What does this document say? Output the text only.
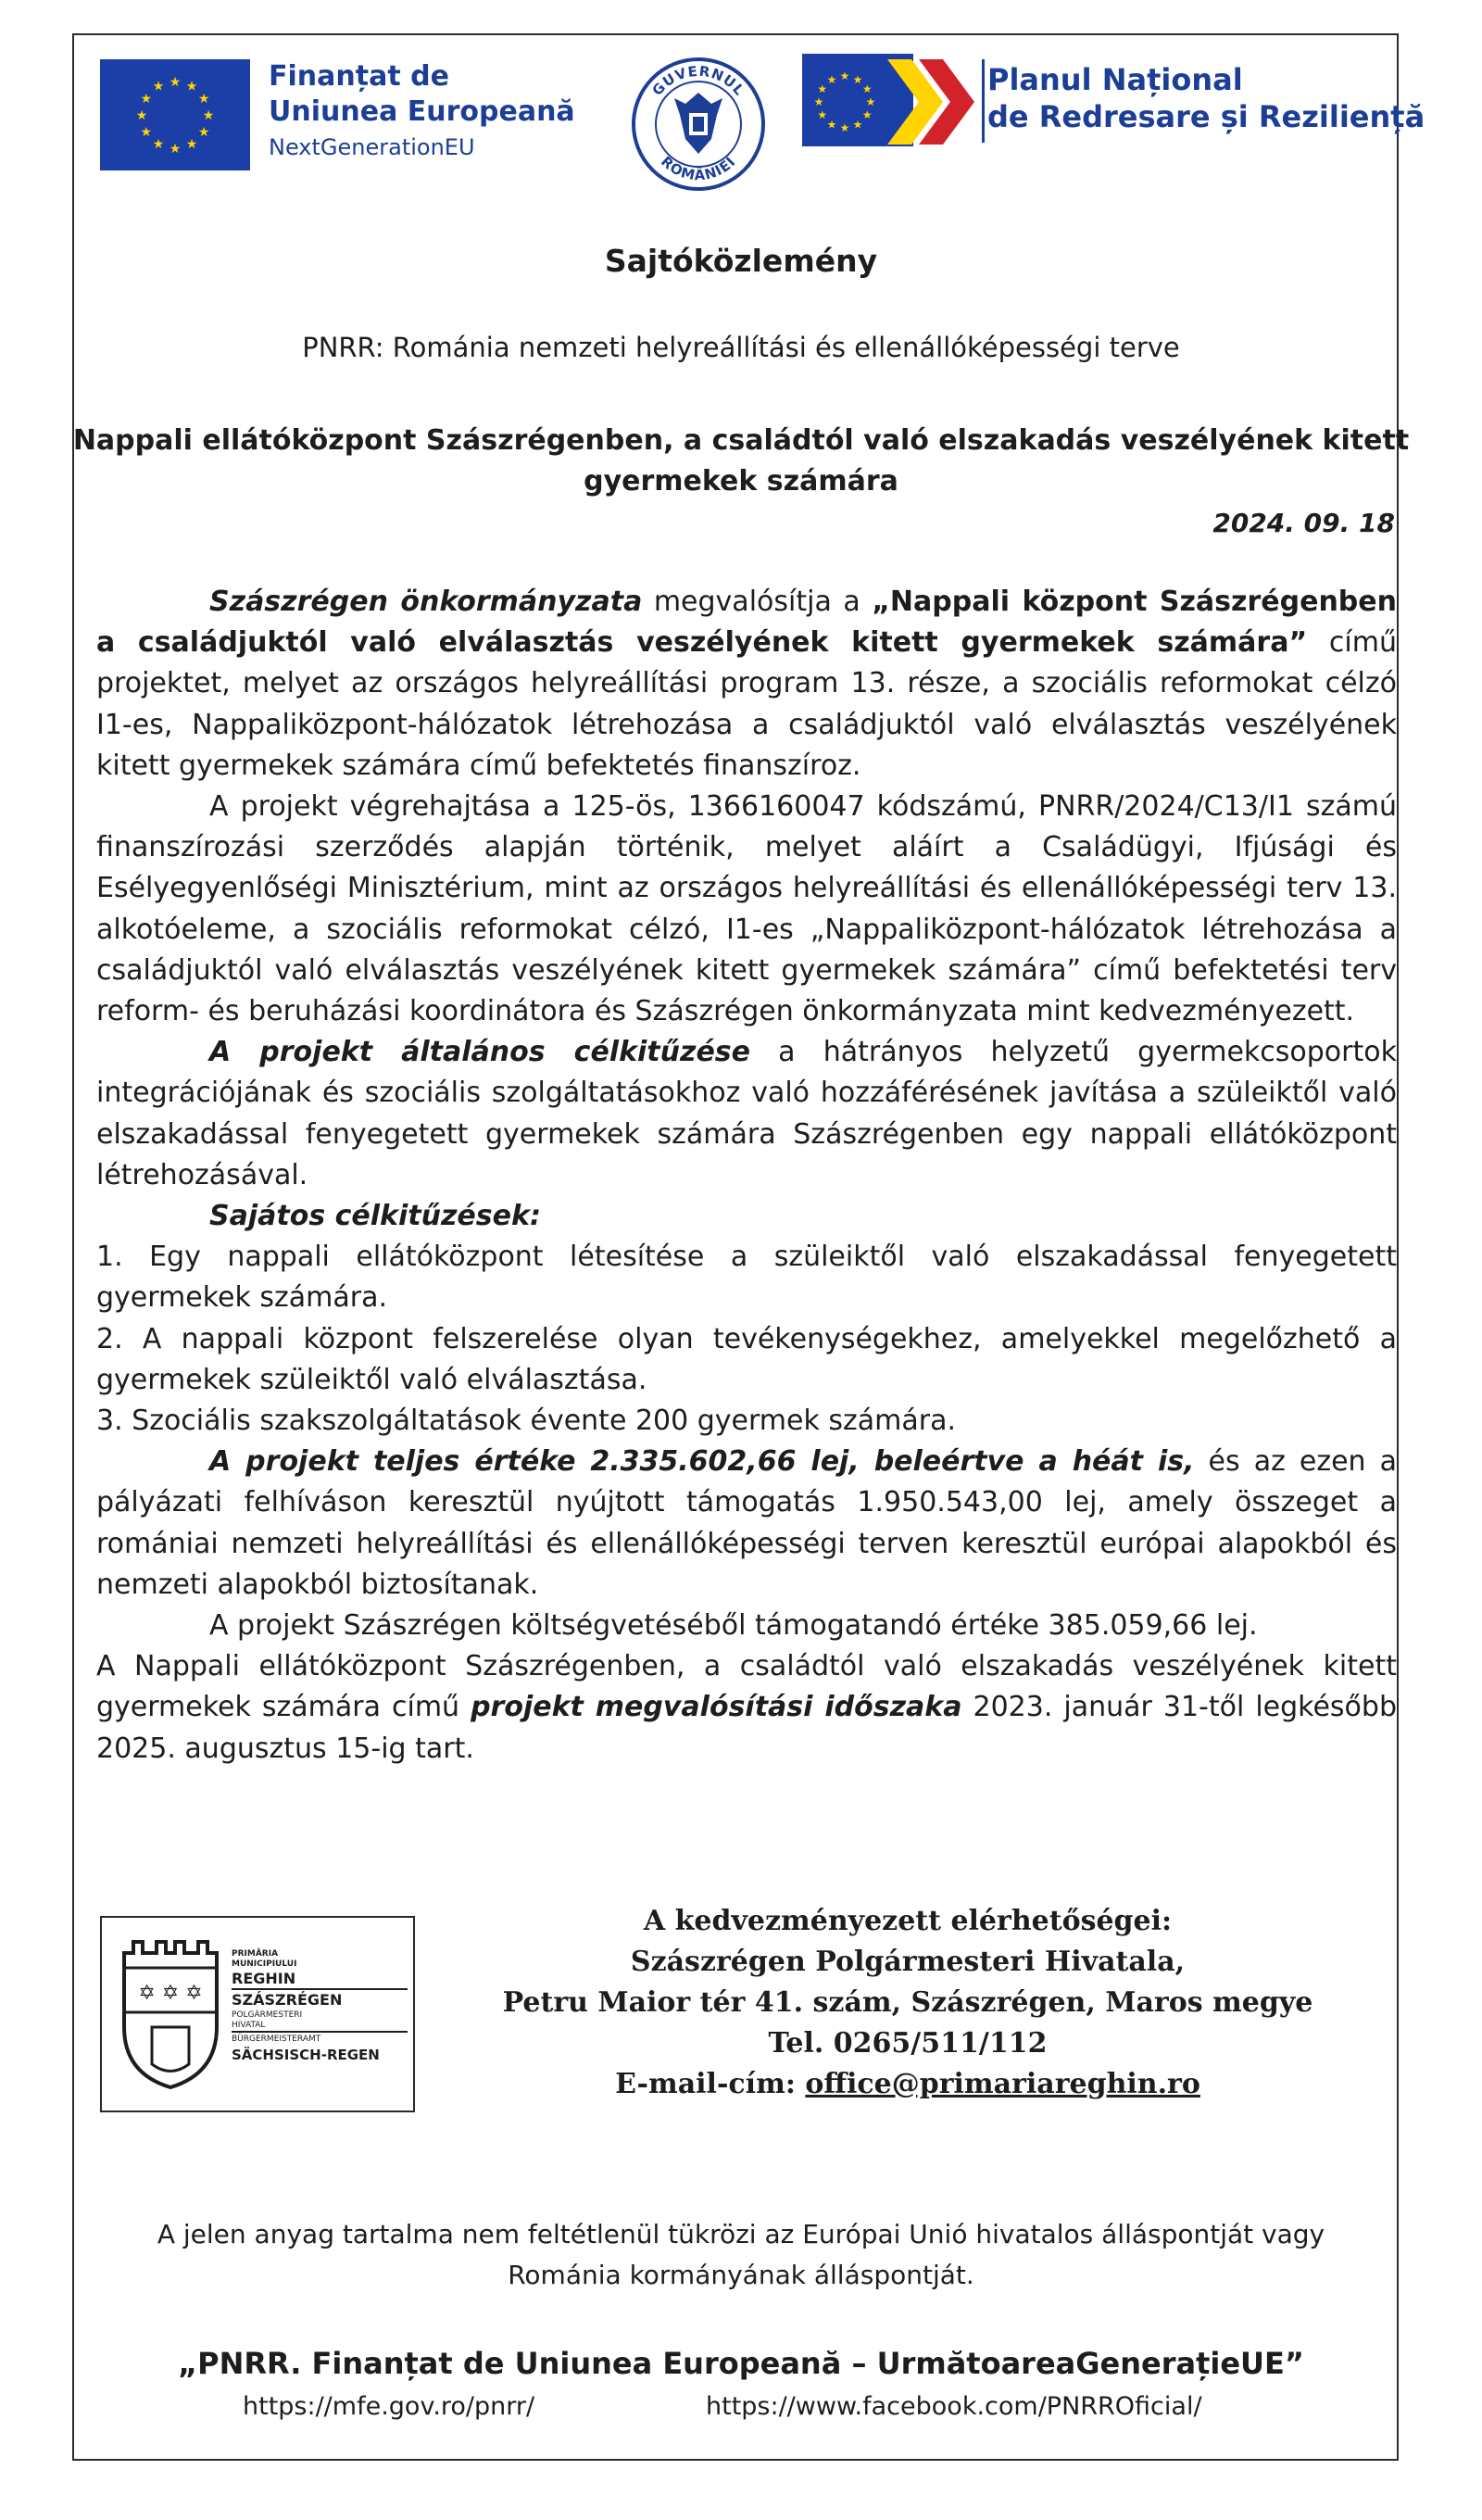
★
★
★
★
★
★
★
★
★ ★ ★
★
Finanțat de
Uniunea Europeană
NextGenerationEU
GUVERNUL
ROMÂNIEI
★
★
★
★
★
★
★
★
★ ★ ★
★	Planul Național
de Redresare și Reziliență
Sajtóközlemény
PNRR: Románia nemzeti helyreállítási és ellenállóképességi terve
Nappali ellátóközpont Szászrégenben, a családtól való elszakadás veszélyének kitett
gyermekek számára
2024. 09. 18

Szászrégen önkormányzata megvalósítja a „Nappali központ Szászrégenben a családjuktól való elválasztás veszélyének kitett gyermekek számára” című projektet, melyet az országos helyreállítási program 13. része, a szociális reformokat célzó I1-es, Nappaliközpont-hálózatok létrehozása a családjuktól való elválasztás veszélyének kitett gyermekek számára című befektetés finanszíroz.

A projekt végrehajtása a 125-ös, 1366160047 kódszámú, PNRR/2024/C13/I1 számú finanszírozási szerződés alapján történik, melyet aláírt a Családügyi, Ifjúsági és Esélyegyenlőségi Minisztérium, mint az országos helyreállítási és ellenállóképességi terv 13. alkotóeleme, a szociális reformokat célzó, I1-es „Nappaliközpont-hálózatok létrehozása a családjuktól való elválasztás veszélyének kitett gyermekek számára” című befektetési terv reform- és beruházási koordinátora és Szászrégen önkormányzata mint kedvezményezett.

A projekt általános célkitűzése a hátrányos helyzetű gyermekcsoportok integrációjának és szociális szolgáltatásokhoz való hozzáférésének javítása a szüleiktől való elszakadással fenyegetett gyermekek számára Szászrégenben egy nappali ellátóközpont létrehozásával.

Sajátos célkitűzések:

1. Egy nappali ellátóközpont létesítése a szüleiktől való elszakadással fenyegetett gyermekek számára.

2. A nappali központ felszerelése olyan tevékenységekhez, amelyekkel megelőzhető a gyermekek szüleiktől való elválasztása.

3. Szociális szakszolgáltatások évente 200 gyermek számára.

A projekt teljes értéke 2.335.602,66 lej, beleértve a héát is, és az ezen a pályázati felhíváson keresztül nyújtott támogatás 1.950.543,00 lej, amely összeget a romániai nemzeti helyreállítási és ellenállóképességi terven keresztül európai alapokból és nemzeti alapokból biztosítanak.

A projekt Szászrégen költségvetéséből támogatandó értéke 385.059,66 lej.

A Nappali ellátóközpont Szászrégenben, a családtól való elszakadás veszélyének kitett gyermekek számára című projekt megvalósítási időszaka 2023. január 31-től legkésőbb 2025. augusztus 15-ig tart.

✡ ✡ ✡
PRIMĂRIA
MUNICIPIULUI
REGHIN
SZÁSZRÉGEN
POLGÁRMESTERI
HIVATAL
BÜRGERMEISTERAMT
SÄCHSISCH-REGEN
A kedvezményezett elérhetőségei:
Szászrégen Polgármesteri Hivatala,
Petru Maior tér 41. szám, Szászrégen, Maros megye
Tel. 0265/511/112
E-mail-cím: office@primariareghin.ro
A jelen anyag tartalma nem feltétlenül tükrözi az Európai Unió hivatalos álláspontját vagy
Románia kormányának álláspontját.
„PNRR. Finanțat de Uniunea Europeană – UrmătoareaGenerațieUE”
https://mfe.gov.ro/pnrr/	https://www.facebook.com/PNRROficial/
